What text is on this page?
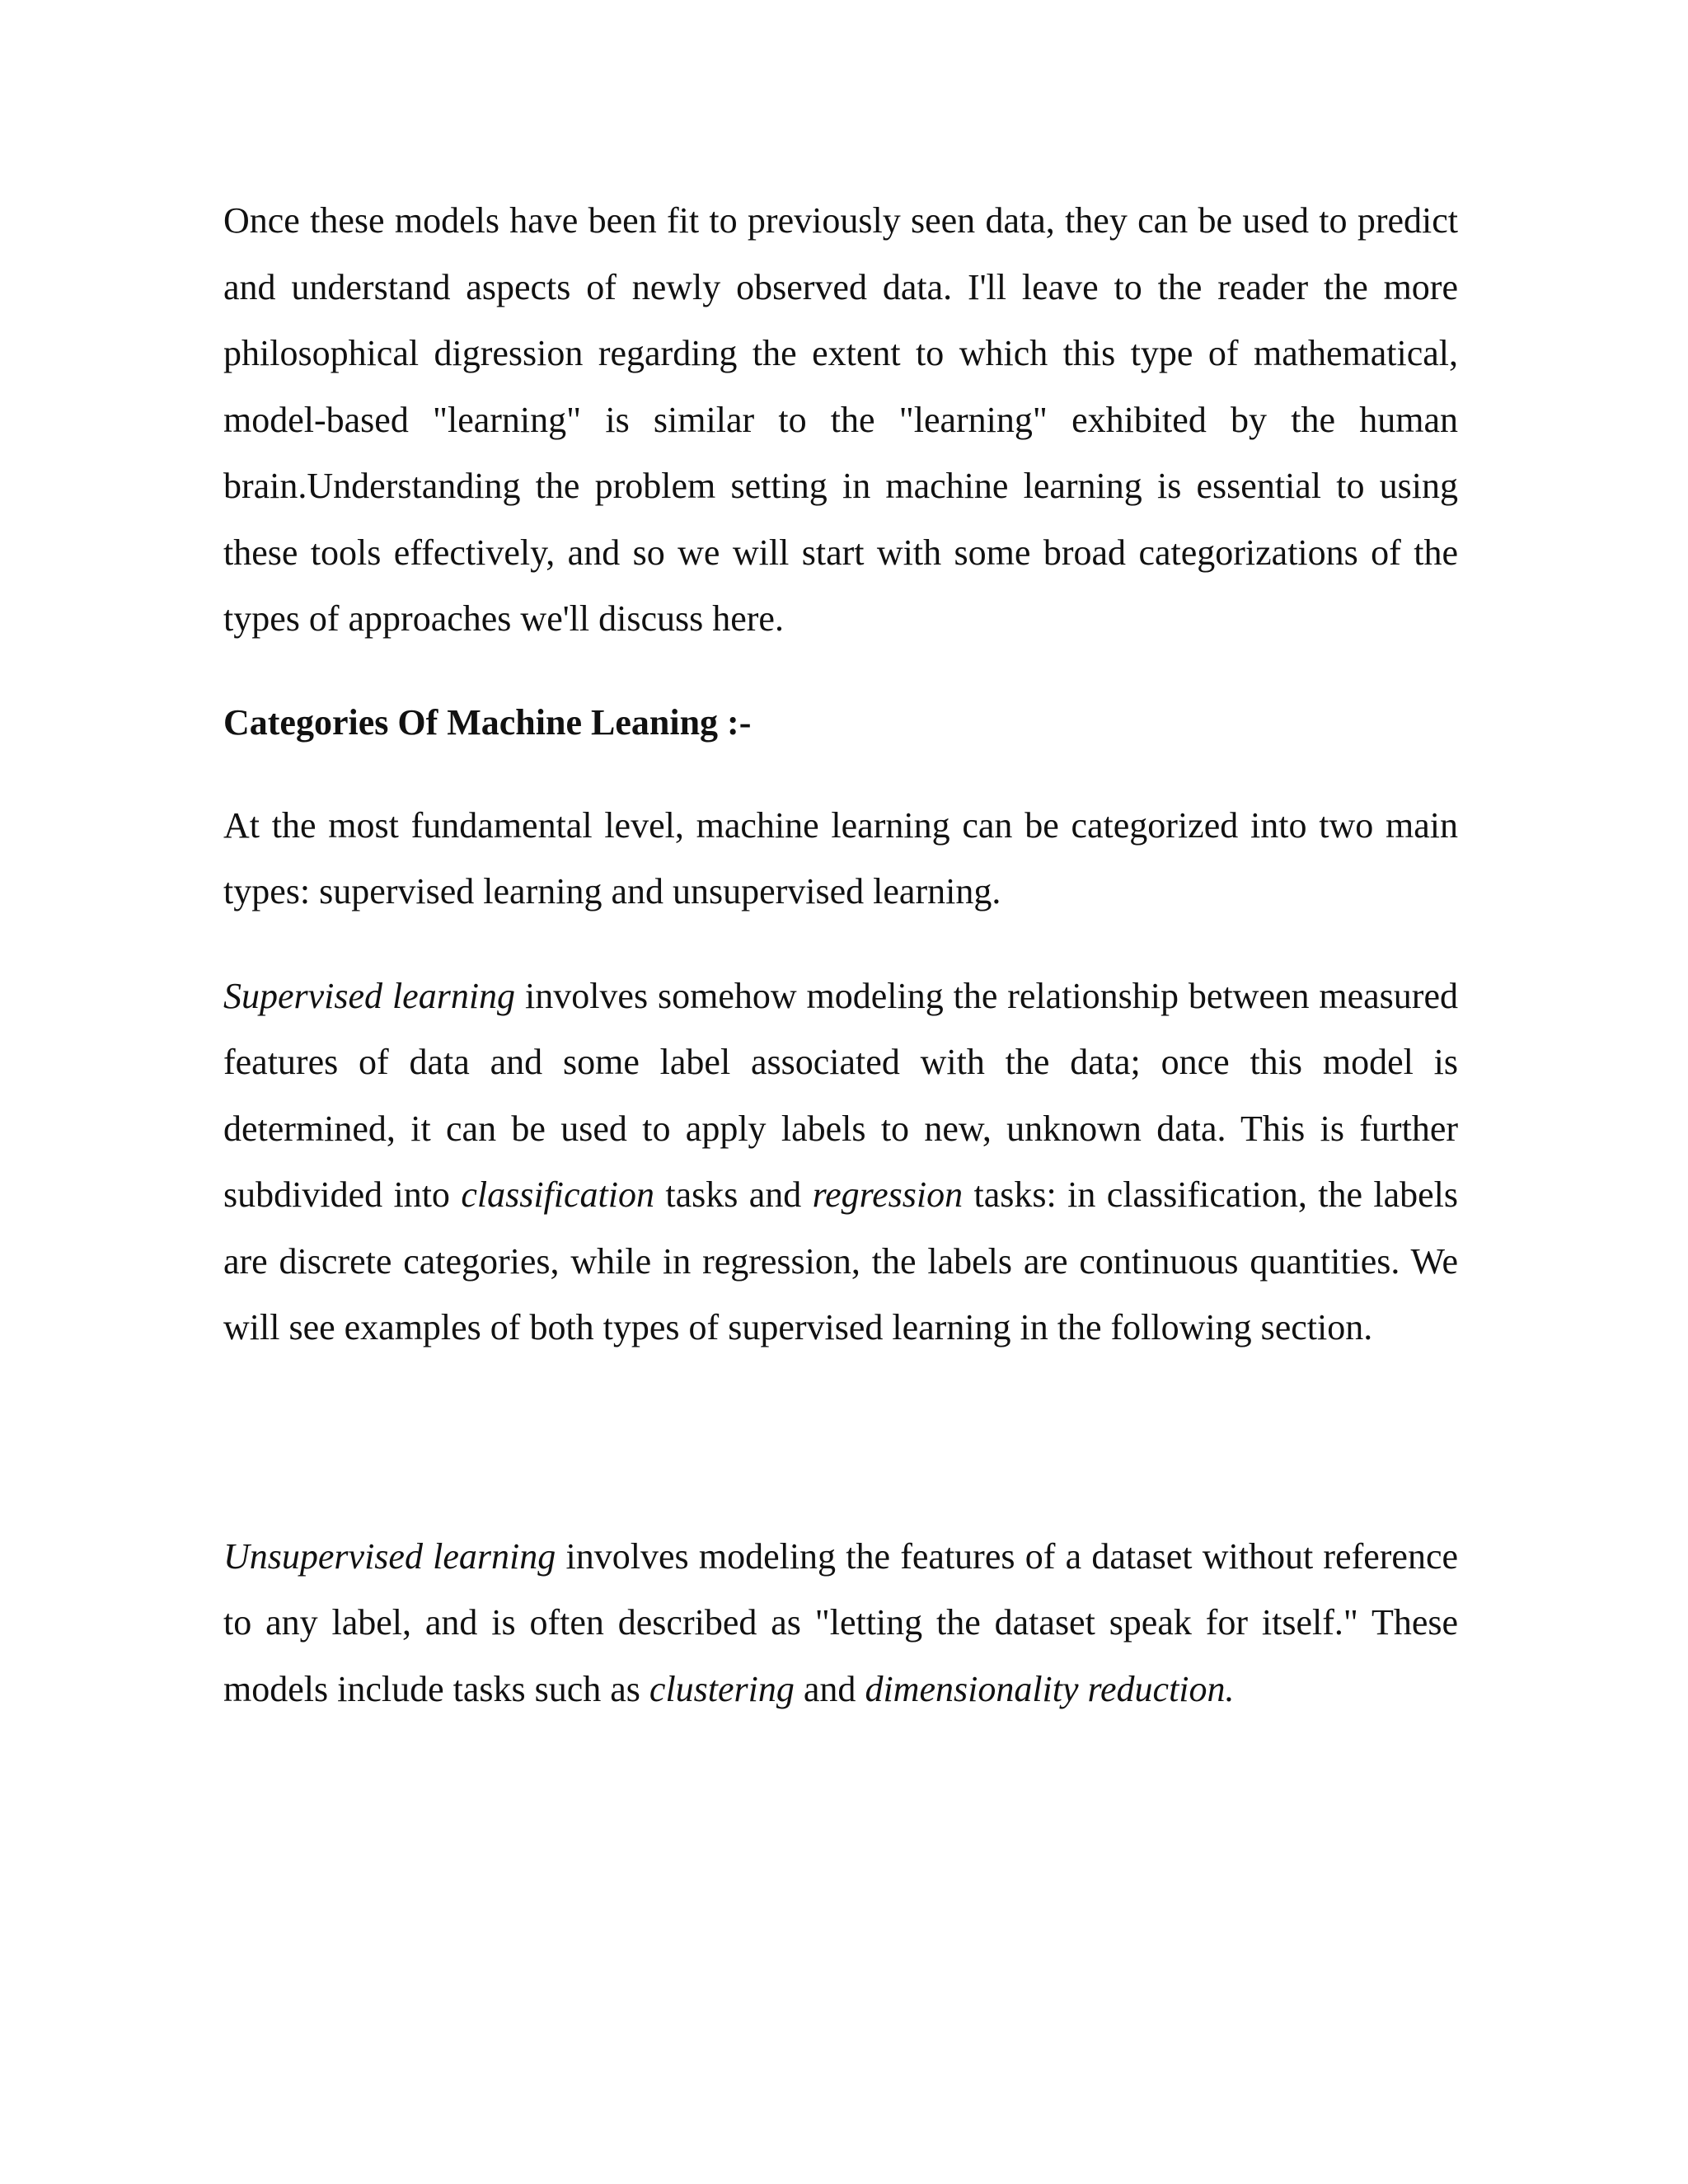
Once these models have been fit to previously seen data, they can be used to predict and understand aspects of newly observed data. I'll leave to the reader the more philosophical digression regarding the extent to which this type of mathematical, model-based "learning" is similar to the "learning" exhibited by the human brain.Understanding the problem setting in machine learning is essential to using these tools effectively, and so we will start with some broad categorizations of the types of approaches we'll discuss here.

Categories Of Machine Leaning :-

At the most fundamental level, machine learning can be categorized into two main types: supervised learning and unsupervised learning.

Supervised learning involves somehow modeling the relationship between measured features of data and some label associated with the data; once this model is determined, it can be used to apply labels to new, unknown data. This is further subdivided into classification tasks and regression tasks: in classification, the labels are discrete categories, while in regression, the labels are continuous quantities. We will see examples of both types of supervised learning in the following section.

Unsupervised learning involves modeling the features of a dataset without reference to any label, and is often described as "letting the dataset speak for itself." These models include tasks such as clustering and dimensionality reduction.
